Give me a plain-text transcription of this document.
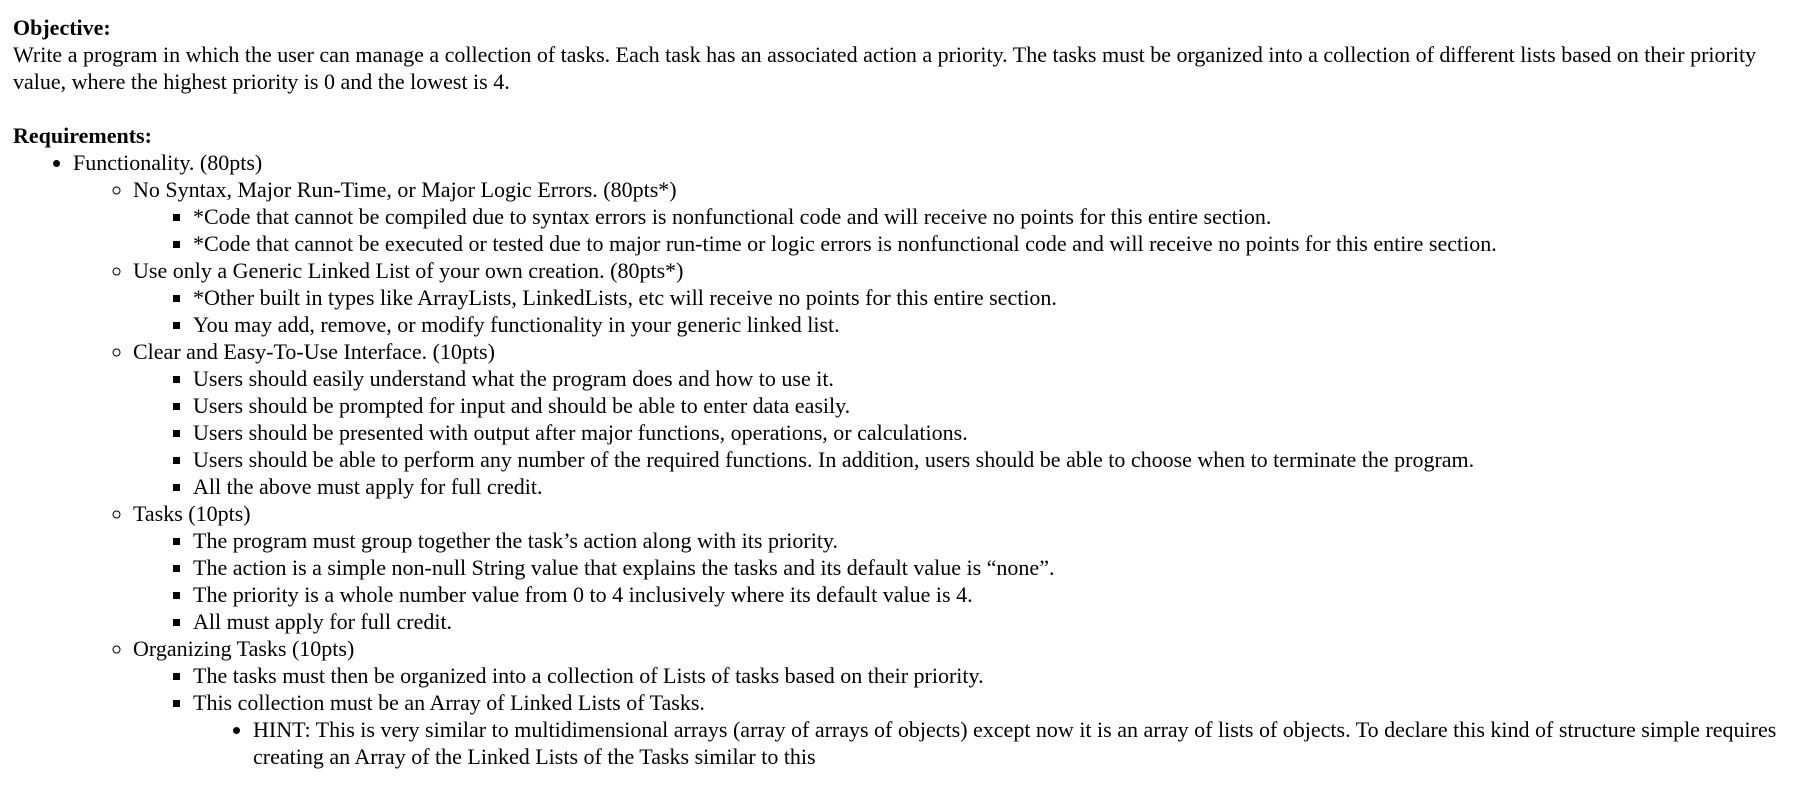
Objective:

Write a program in which the user can manage a collection of tasks. Each task has an associated action a priority. The tasks must be organized into a collection of different lists based on their priority value, where the highest priority is 0 and the lowest is 4.

Requirements:
• Functionality. (80pts)
◦ No Syntax, Major Run-Time, or Major Logic Errors. (80pts*)
▪ *Code that cannot be compiled due to syntax errors is nonfunctional code and will receive no points for this entire section.
▪ *Code that cannot be executed or tested due to major run-time or logic errors is nonfunctional code and will receive no points for this entire section.
◦ Use only a Generic Linked List of your own creation. (80pts*)
▪ *Other built in types like ArrayLists, LinkedLists, etc will receive no points for this entire section.
▪ You may add, remove, or modify functionality in your generic linked list.
◦ Clear and Easy-To-Use Interface. (10pts)
▪ Users should easily understand what the program does and how to use it.
▪ Users should be prompted for input and should be able to enter data easily.
▪ Users should be presented with output after major functions, operations, or calculations.
▪ Users should be able to perform any number of the required functions. In addition, users should be able to choose when to terminate the program.
▪ All the above must apply for full credit.
◦ Tasks (10pts)
▪ The program must group together the task’s action along with its priority.
▪ The action is a simple non-null String value that explains the tasks and its default value is “none”.
▪ The priority is a whole number value from 0 to 4 inclusively where its default value is 4.
▪ All must apply for full credit.
◦ Organizing Tasks (10pts)
▪ The tasks must then be organized into a collection of Lists of tasks based on their priority.
▪ This collection must be an Array of Linked Lists of Tasks.
• HINT: This is very similar to multidimensional arrays (array of arrays of objects) except now it is an array of lists of objects. To declare this kind of structure simple requires creating an Array of the Linked Lists of the Tasks similar to this
